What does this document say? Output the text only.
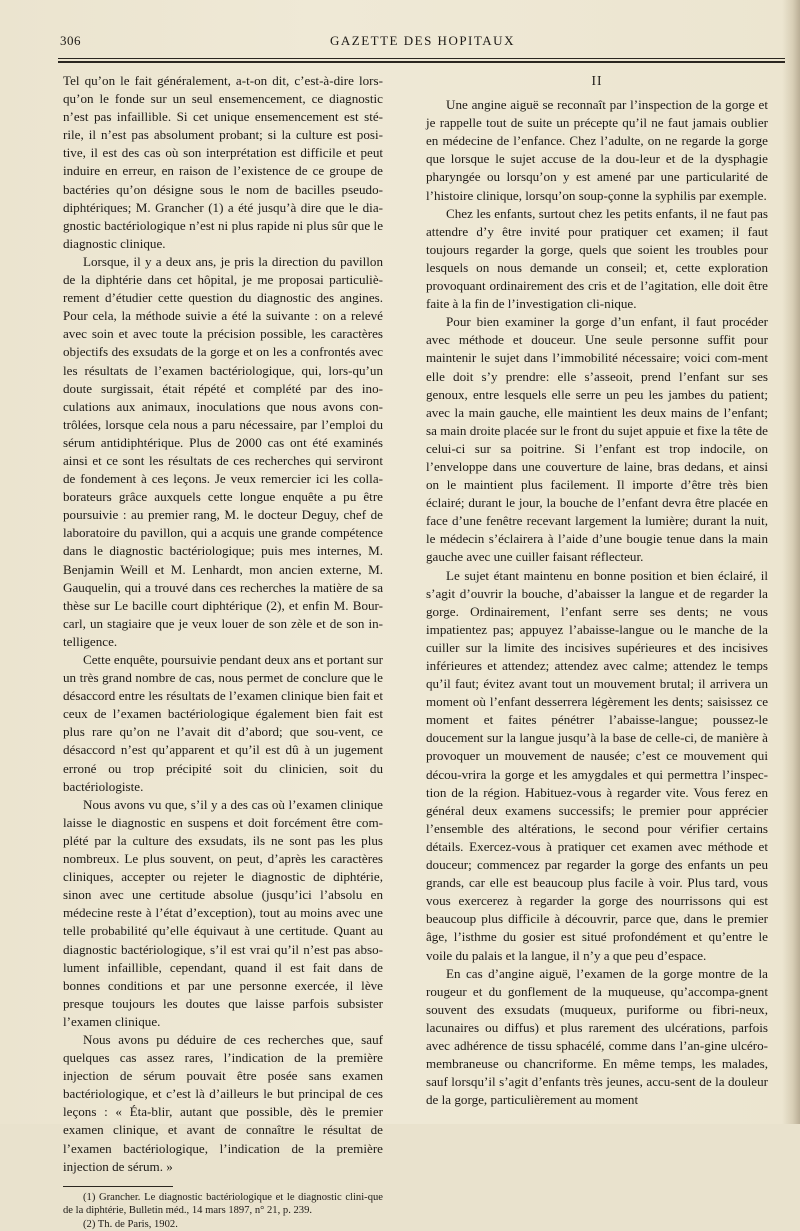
306	GAZETTE DES HOPITAUX

Tel qu’on le fait généralement, a-t-on dit, c’est-à-dire lors-qu’on le fonde sur un seul ensemencement, ce diagnostic n’est pas infaillible. Si cet unique ensemencement est sté-rile, il n’est pas absolument probant; si la culture est posi-tive, il est des cas où son interprétation est difficile et peut induire en erreur, en raison de l’existence de ce groupe de bactéries qu’on désigne sous le nom de bacilles pseudo-diphtériques; M. Grancher (1) a été jusqu’à dire que le dia-gnostic bactériologique n’est ni plus rapide ni plus sûr que le diagnostic clinique.

Lorsque, il y a deux ans, je pris la direction du pavillon de la diphtérie dans cet hôpital, je me proposai particuliè-rement d’étudier cette question du diagnostic des angines. Pour cela, la méthode suivie a été la suivante : on a relevé avec soin et avec toute la précision possible, les caractères objectifs des exsudats de la gorge et on les a confrontés avec les résultats de l’examen bactériologique, qui, lors-qu’un doute surgissait, était répété et complété par des ino-culations aux animaux, inoculations que nous avons con-trôlées, lorsque cela nous a paru nécessaire, par l’emploi du sérum antidiphtérique. Plus de 2000 cas ont été examinés ainsi et ce sont les résultats de ces recherches qui serviront de fondement à ces leçons. Je veux remercier ici les colla-borateurs grâce auxquels cette longue enquête a pu être poursuivie : au premier rang, M. le docteur Deguy, chef de laboratoire du pavillon, qui a acquis une grande compétence dans le diagnostic bactériologique; puis mes internes, M. Benjamin Weill et M. Lenhardt, mon ancien externe, M. Gauquelin, qui a trouvé dans ces recherches la matière de sa thèse sur Le bacille court diphtérique (2), et enfin M. Bour-carl, un stagiaire que je veux louer de son zèle et de son in-telligence.

Cette enquête, poursuivie pendant deux ans et portant sur un très grand nombre de cas, nous permet de conclure que le désaccord entre les résultats de l’examen clinique bien fait et ceux de l’examen bactériologique également bien fait est plus rare qu’on ne l’avait dit d’abord; que sou-vent, ce désaccord n’est qu’apparent et qu’il est dû à un jugement erroné ou trop précipité soit du clinicien, soit du bactériologiste.

Nous avons vu que, s’il y a des cas où l’examen clinique laisse le diagnostic en suspens et doit forcément être com-plété par la culture des exsudats, ils ne sont pas les plus nombreux. Le plus souvent, on peut, d’après les caractères cliniques, accepter ou rejeter le diagnostic de diphtérie, sinon avec une certitude absolue (jusqu’ici l’absolu en médecine reste à l’état d’exception), tout au moins avec une telle probabilité qu’elle équivaut à une certitude. Quant au diagnostic bactériologique, s’il est vrai qu’il n’est pas abso-lument infaillible, cependant, quand il est fait dans de bonnes conditions et par une personne exercée, il lève presque toujours les doutes que laisse parfois subsister l’examen clinique.

Nous avons pu déduire de ces recherches que, sauf quelques cas assez rares, l’indication de la première injection de sérum pouvait être posée sans examen bactériologique, et c’est là d’ailleurs le but principal de ces leçons : « Éta-blir, autant que possible, dès le premier examen clinique, et avant de connaître le résultat de l’examen bactériologique, l’indication de la première injection de sérum. »

(1) Grancher. Le diagnostic bactériologique et le diagnostic clini-que de la diphtérie, Bulletin méd., 14 mars 1897, n° 21, p. 239.

(2) Th. de Paris, 1902.

II

Une angine aiguë se reconnaît par l’inspection de la gorge et je rappelle tout de suite un précepte qu’il ne faut jamais oublier en médecine de l’enfance. Chez l’adulte, on ne regarde la gorge que lorsque le sujet accuse de la dou-leur et de la dysphagie pharyngée ou lorsqu’on y est amené par une particularité de l’histoire clinique, lorsqu’on soup-çonne la syphilis par exemple.

Chez les enfants, surtout chez les petits enfants, il ne faut pas attendre d’y être invité pour pratiquer cet examen; il faut toujours regarder la gorge, quels que soient les troubles pour lesquels on nous demande un conseil; et, cette exploration provoquant ordinairement des cris et de l’agitation, elle doit être faite à la fin de l’investigation cli-nique.

Pour bien examiner la gorge d’un enfant, il faut procéder avec méthode et douceur. Une seule personne suffit pour maintenir le sujet dans l’immobilité nécessaire; voici com-ment elle doit s’y prendre: elle s’asseoit, prend l’enfant sur ses genoux, entre lesquels elle serre un peu les jambes du patient; avec la main gauche, elle maintient les deux mains de l’enfant; sa main droite placée sur le front du sujet appuie et fixe la tête de celui-ci sur sa poitrine. Si l’enfant est trop indocile, on l’enveloppe dans une couverture de laine, bras dedans, et ainsi on le maintient plus facilement. Il importe d’être très bien éclairé; durant le jour, la bouche de l’enfant devra être placée en face d’une fenêtre recevant largement la lumière; durant la nuit, le médecin s’éclairera à l’aide d’une bougie tenue dans la main gauche avec une cuiller faisant réflecteur.

Le sujet étant maintenu en bonne position et bien éclairé, il s’agit d’ouvrir la bouche, d’abaisser la langue et de regarder la gorge. Ordinairement, l’enfant serre ses dents; ne vous impatientez pas; appuyez l’abaisse-langue ou le manche de la cuiller sur la limite des incisives supérieures et des incisives inférieures et attendez; attendez avec calme; attendez le temps qu’il faut; évitez avant tout un mouvement brutal; il arrivera un moment où l’enfant desserrera légèrement les dents; saisissez ce moment et faites pénétrer l’abaisse-langue; poussez-le doucement sur la langue jusqu’à la base de celle-ci, de manière à provoquer un mouvement de nausée; c’est ce mouvement qui décou-vrira la gorge et les amygdales et qui permettra l’inspec-tion de la région. Habituez-vous à regarder vite. Vous ferez en général deux examens successifs; le premier pour apprécier l’ensemble des altérations, le second pour vérifier certains détails. Exercez-vous à pratiquer cet examen avec méthode et douceur; commencez par regarder la gorge des enfants un peu grands, car elle est beaucoup plus facile à voir. Plus tard, vous vous exercerez à regarder la gorge des nourrissons qui est beaucoup plus difficile à découvrir, parce que, dans le premier âge, l’isthme du gosier est situé profondément et qu’entre le voile du palais et la langue, il n’y a que peu d’espace.

En cas d’angine aiguë, l’examen de la gorge montre de la rougeur et du gonflement de la muqueuse, qu’accompa-gnent souvent des exsudats (muqueux, puriforme ou fibri-neux, lacunaires ou diffus) et plus rarement des ulcérations, parfois avec adhérence de tissu sphacélé, comme dans l’an-gine ulcéro-membraneuse ou chancriforme. En même temps, les malades, sauf lorsqu’il s’agit d’enfants très jeunes, accu-sent de la douleur de la gorge, particulièrement au moment
